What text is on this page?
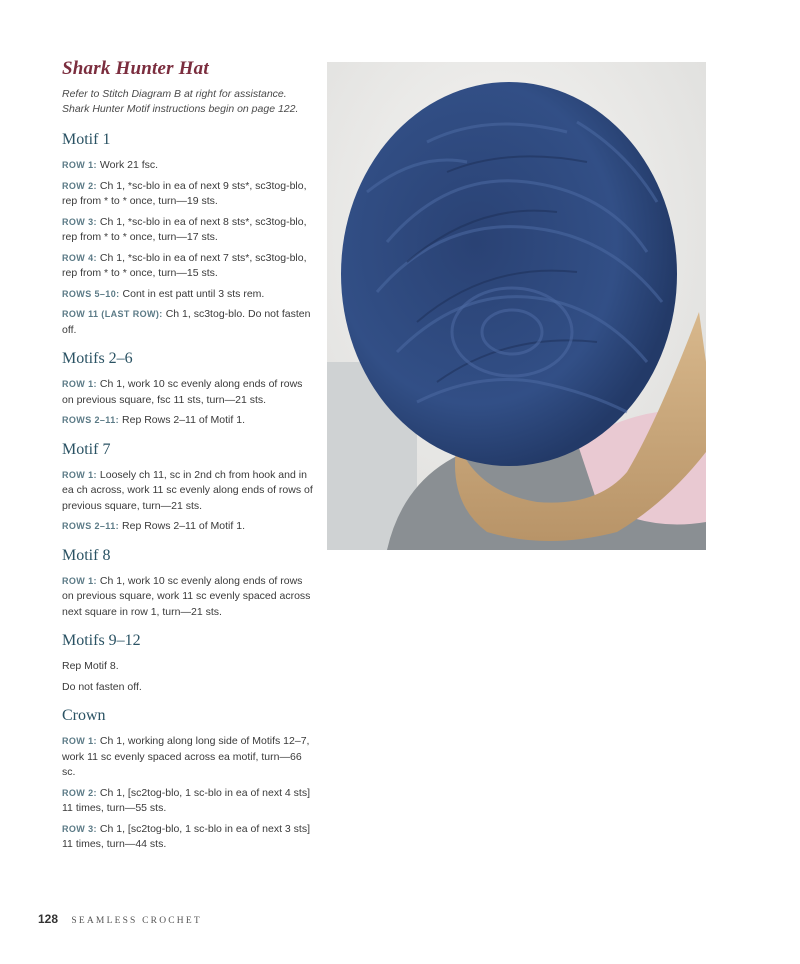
Shark Hunter Hat

Refer to Stitch Diagram B at right for assistance. Shark Hunter Motif instructions begin on page 122.

Motif 1

ROW 1: Work 21 fsc.

ROW 2: Ch 1, *sc-blo in ea of next 9 sts*, sc3tog-blo, rep from * to * once, turn—19 sts.

ROW 3: Ch 1, *sc-blo in ea of next 8 sts*, sc3tog-blo, rep from * to * once, turn—17 sts.

ROW 4: Ch 1, *sc-blo in ea of next 7 sts*, sc3tog-blo, rep from * to * once, turn—15 sts.

ROWS 5–10: Cont in est patt until 3 sts rem.

ROW 11 (LAST ROW): Ch 1, sc3tog-blo. Do not fasten off.

Motifs 2–6

ROW 1: Ch 1, work 10 sc evenly along ends of rows on previous square, fsc 11 sts, turn—21 sts.

ROWS 2–11: Rep Rows 2–11 of Motif 1.

Motif 7

ROW 1: Loosely ch 11, sc in 2nd ch from hook and in ea ch across, work 11 sc evenly along ends of rows of previous square, turn—21 sts.

ROWS 2–11: Rep Rows 2–11 of Motif 1.

Motif 8

ROW 1: Ch 1, work 10 sc evenly along ends of rows on previous square, work 11 sc evenly spaced across next square in row 1, turn—21 sts.

Motifs 9–12

Rep Motif 8.

Do not fasten off.

Crown

ROW 1: Ch 1, working along long side of Motifs 12–7, work 11 sc evenly spaced across ea motif, turn—66 sc.

ROW 2: Ch 1, [sc2tog-blo, 1 sc-blo in ea of next 4 sts] 11 times, turn—55 sts.

ROW 3: Ch 1, [sc2tog-blo, 1 sc-blo in ea of next 3 sts] 11 times, turn—44 sts.

128 SEAMLESS CROCHET
